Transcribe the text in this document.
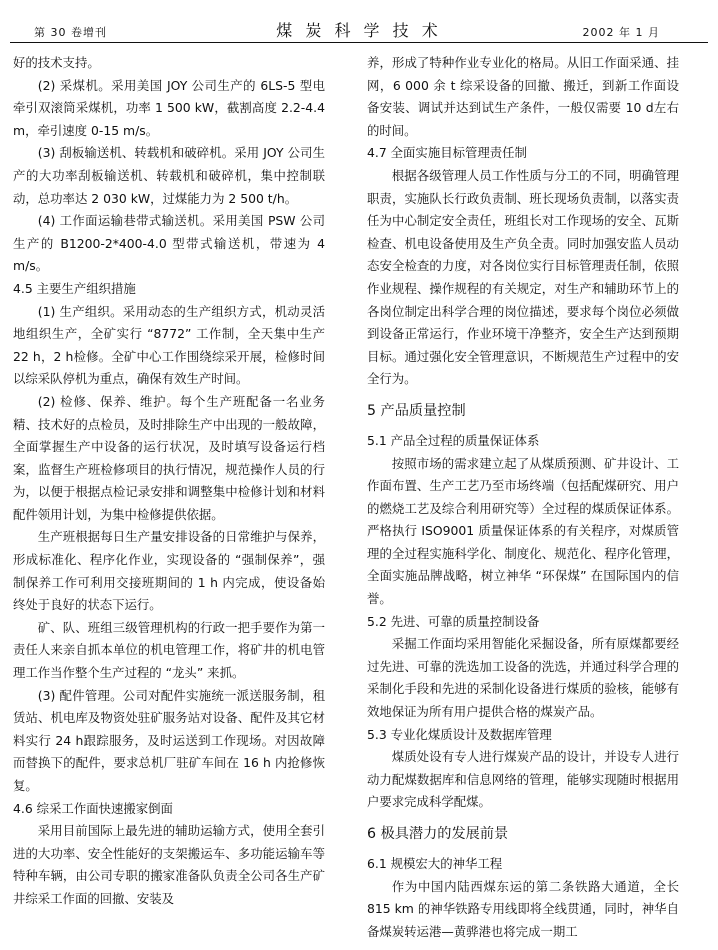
第 30 卷增刊	煤 炭 科 学 技 术	2002 年 1 月

好的技术支持。

(2) 采煤机。采用美国 JOY 公司生产的 6LS-5 型电牵引双滚筒采煤机，功率 1 500 kW，截割高度 2.2-4.4 m，牵引速度 0-15 m/s。

(3) 刮板输送机、转载机和破碎机。采用 JOY 公司生产的大功率刮板输送机、转载机和破碎机，集中控制联动，总功率达 2 030 kW，过煤能力为 2 500 t/h。

(4) 工作面运输巷带式输送机。采用美国 PSW 公司生产的 B1200-2*400-4.0 型带式输送机，带速为 4 m/s。

4.5 主要生产组织措施

(1) 生产组织。采用动态的生产组织方式，机动灵活地组织生产，全矿实行 “8772” 工作制，全天集中生产 22 h，2 h检修。全矿中心工作围绕综采开展，检修时间以综采队停机为重点，确保有效生产时间。

(2) 检修、保养、维护。每个生产班配备一名业务精、技术好的点检员，及时排除生产中出现的一般故障，全面掌握生产中设备的运行状况，及时填写设备运行档案，监督生产班检修项目的执行情况，规范操作人员的行为，以便于根据点检记录安排和调整集中检修计划和材料配件领用计划，为集中检修提供依据。

生产班根据每日生产量安排设备的日常维护与保养，形成标准化、程序化作业，实现设备的 “强制保养”，强制保养工作可利用交接班期间的 1 h 内完成，使设备始终处于良好的状态下运行。

矿、队、班组三级管理机构的行政一把手要作为第一责任人来亲自抓本单位的机电管理工作，将矿井的机电管理工作当作整个生产过程的 “龙头” 来抓。

(3) 配件管理。公司对配件实施统一派送服务制，租赁站、机电库及物资处驻矿服务站对设备、配件及其它材料实行 24 h跟踪服务，及时运送到工作现场。对因故障而替换下的配件，要求总机厂驻矿车间在 16 h 内抢修恢复。

4.6 综采工作面快速搬家倒面

采用目前国际上最先进的辅助运输方式，使用全套引进的大功率、安全性能好的支架搬运车、多功能运输车等特种车辆，由公司专职的搬家准备队负责全公司各生产矿井综采工作面的回撤、安装及

养，形成了特种作业专业化的格局。从旧工作面采通、挂网，6 000 余 t 综采设备的回撤、搬迁，到新工作面设备安装、调试并达到试生产条件，一般仅需要 10 d左右的时间。

4.7 全面实施目标管理责任制

根据各级管理人员工作性质与分工的不同，明确管理职责，实施队长行政负责制、班长现场负责制，以落实责任为中心制定安全责任，班组长对工作现场的安全、瓦斯检查、机电设备使用及生产负全责。同时加强安监人员动态安全检查的力度，对各岗位实行目标管理责任制，依照作业规程、操作规程的有关规定，对生产和辅助环节上的各岗位制定出科学合理的岗位描述，要求每个岗位必须做到设备正常运行，作业环境干净整齐，安全生产达到预期目标。通过强化安全管理意识，不断规范生产过程中的安全行为。

5 产品质量控制
5.1 产品全过程的质量保证体系

按照市场的需求建立起了从煤质预测、矿井设计、工作面布置、生产工艺乃至市场终端（包括配煤研究、用户的燃烧工艺及综合利用研究等）全过程的煤质保证体系。严格执行 ISO9001 质量保证体系的有关程序，对煤质管理的全过程实施科学化、制度化、规范化、程序化管理，全面实施品牌战略，树立神华 “环保煤” 在国际国内的信誉。

5.2 先进、可靠的质量控制设备

采掘工作面均采用智能化采掘设备，所有原煤都要经过先进、可靠的洗选加工设备的洗选，并通过科学合理的采制化手段和先进的采制化设备进行煤质的验核，能够有效地保证为所有用户提供合格的煤炭产品。

5.3 专业化煤质设计及数据库管理

煤质处设有专人进行煤炭产品的设计，并设专人进行动力配煤数据库和信息网络的管理，能够实现随时根据用户要求完成科学配煤。

6 极具潜力的发展前景
6.1 规模宏大的神华工程

作为中国内陆西煤东运的第二条铁路大通道，全长 815 km 的神华铁路专用线即将全线贯通，同时，神华自备煤炭转运港—黄骅港也将完成一期工
